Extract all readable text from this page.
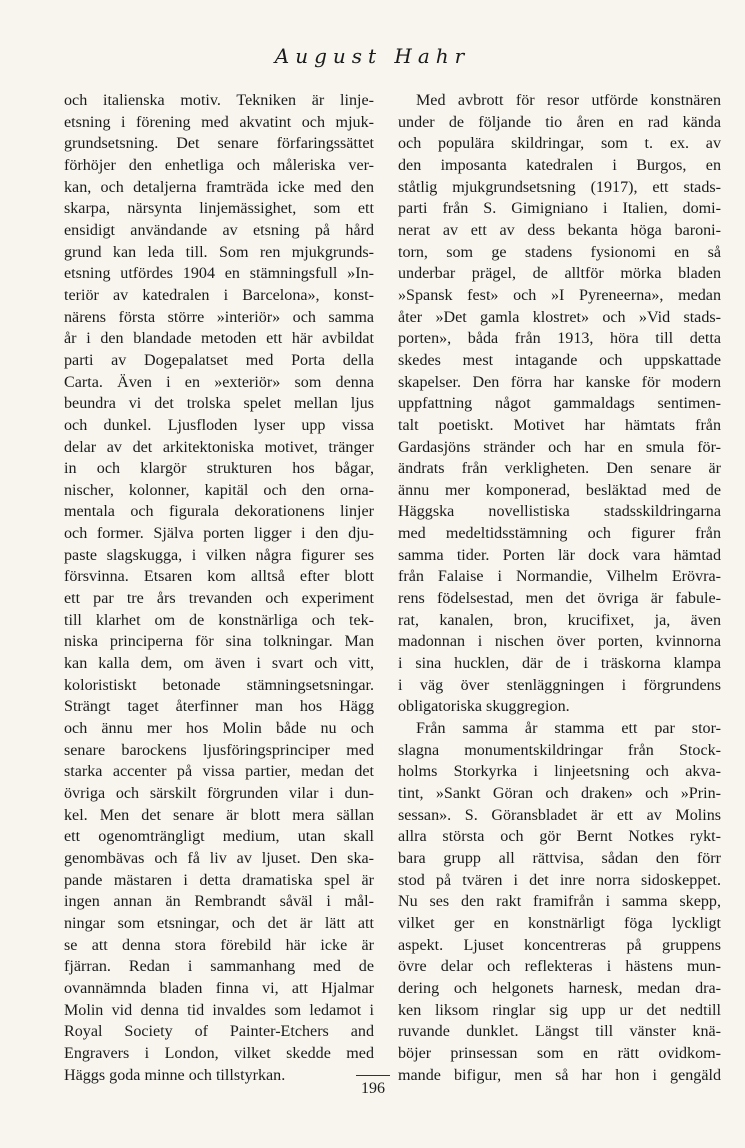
August Hahr
och italienska motiv. Tekniken är linje-
etsning i förening med akvatint och mjuk-
grundsetsning. Det senare förfaringssättet
förhöjer den enhetliga och måleriska ver-
kan, och detaljerna framträda icke med den
skarpa, närsynta linjemässighet, som ett
ensidigt användande av etsning på hård
grund kan leda till. Som ren mjukgrunds-
etsning utfördes 1904 en stämningsfull »In-
teriör av katedralen i Barcelona», konst-
närens första större »interiör» och samma
år i den blandade metoden ett här avbildat
parti av Dogepalatset med Porta della
Carta. Även i en »exteriör» som denna
beundra vi det trolska spelet mellan ljus
och dunkel. Ljusfloden lyser upp vissa
delar av det arkitektoniska motivet, tränger
in och klargör strukturen hos bågar,
nischer, kolonner, kapitäl och den orna-
mentala och figurala dekorationens linjer
och former. Själva porten ligger i den dju-
paste slagskugga, i vilken några figurer ses
försvinna. Etsaren kom alltså efter blott
ett par tre års trevanden och experiment
till klarhet om de konstnärliga och tek-
niska principerna för sina tolkningar. Man
kan kalla dem, om även i svart och vitt,
koloristiskt betonade stämningsetsningar.
Strängt taget återfinner man hos Hägg
och ännu mer hos Molin både nu och
senare barockens ljusföringsprinciper med
starka accenter på vissa partier, medan det
övriga och särskilt förgrunden vilar i dun-
kel. Men det senare är blott mera sällan
ett ogenomträngligt medium, utan skall
genombävas och få liv av ljuset. Den ska-
pande mästaren i detta dramatiska spel är
ingen annan än Rembrandt såväl i mål-
ningar som etsningar, och det är lätt att
se att denna stora förebild här icke är
fjärran. Redan i sammanhang med de
ovannämnda bladen finna vi, att Hjalmar
Molin vid denna tid invaldes som ledamot i
Royal Society of Painter-Etchers and
Engravers i London, vilket skedde med
Häggs goda minne och tillstyrkan.
Med avbrott för resor utförde konstnären
under de följande tio åren en rad kända
och populära skildringar, som t. ex. av
den imposanta katedralen i Burgos, en
ståtlig mjukgrundsetsning (1917), ett stads-
parti från S. Gimigniano i Italien, domi-
nerat av ett av dess bekanta höga baroni-
torn, som ge stadens fysionomi en så
underbar prägel, de alltför mörka bladen
»Spansk fest» och »I Pyreneerna», medan
åter »Det gamla klostret» och »Vid stads-
porten», båda från 1913, höra till detta
skedes mest intagande och uppskattade
skapelser. Den förra har kanske för modern
uppfattning något gammaldags sentimen-
talt poetiskt. Motivet har hämtats från
Gardasjöns stränder och har en smula för-
ändrats från verkligheten. Den senare är
ännu mer komponerad, besläktad med de
Häggska novellistiska stadsskildringarna
med medeltidsstämning och figurer från
samma tider. Porten lär dock vara hämtad
från Falaise i Normandie, Vilhelm Erövra-
rens födelsestad, men det övriga är fabule-
rat, kanalen, bron, krucifixet, ja, även
madonnan i nischen över porten, kvinnorna
i sina hucklen, där de i träskorna klampa
i väg över stenläggningen i förgrundens
obligatoriska skuggregion.
Från samma år stamma ett par stor-
slagna monumentskildringar från Stock-
holms Storkyrka i linjeetsning och akva-
tint, »Sankt Göran och draken» och »Prin-
sessan». S. Göransbladet är ett av Molins
allra största och gör Bernt Notkes rykt-
bara grupp all rättvisa, sådan den förr
stod på tvären i det inre norra sidoskeppet.
Nu ses den rakt framifrån i samma skepp,
vilket ger en konstnärligt föga lyckligt
aspekt. Ljuset koncentreras på gruppens
övre delar och reflekteras i hästens mun-
dering och helgonets harnesk, medan dra-
ken liksom ringlar sig upp ur det nedtill
ruvande dunklet. Längst till vänster knä-
böjer prinsessan som en rätt ovidkom-
mande bifigur, men så har hon i gengäld
196
